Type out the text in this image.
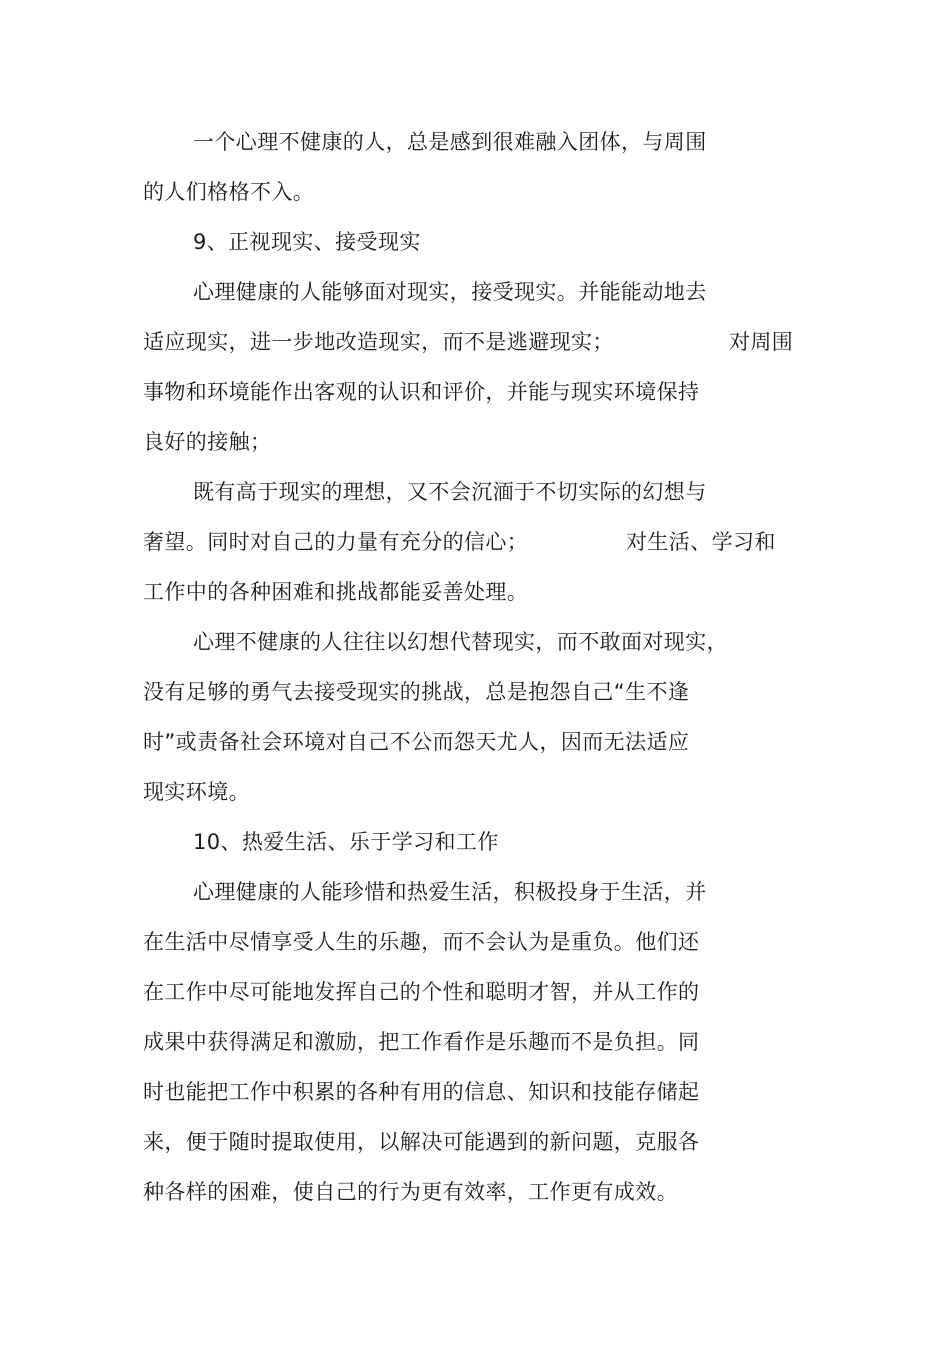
一个心理不健康的人，总是感到很难融入团体，与周围
的人们格格不入。
9、正视现实、接受现实
心理健康的人能够面对现实，接受现实。并能能动地去
适应现实，进一步地改造现实，而不是逃避现实；	对周围
事物和环境能作出客观的认识和评价，并能与现实环境保持
良好的接触；
既有高于现实的理想，又不会沉湎于不切实际的幻想与
奢望。同时对自己的力量有充分的信心；	对生活、学习和
工作中的各种困难和挑战都能妥善处理。
心理不健康的人往往以幻想代替现实，而不敢面对现实，
没有足够的勇气去接受现实的挑战，总是抱怨自己“生不逢
时”或责备社会环境对自己不公而怨天尤人，因而无法适应
现实环境。
10、热爱生活、乐于学习和工作
心理健康的人能珍惜和热爱生活，积极投身于生活，并
在生活中尽情享受人生的乐趣，而不会认为是重负。他们还
在工作中尽可能地发挥自己的个性和聪明才智，并从工作的
成果中获得满足和激励，把工作看作是乐趣而不是负担。同
时也能把工作中积累的各种有用的信息、知识和技能存储起
来，便于随时提取使用，以解决可能遇到的新问题，克服各
种各样的困难，使自己的行为更有效率，工作更有成效。
